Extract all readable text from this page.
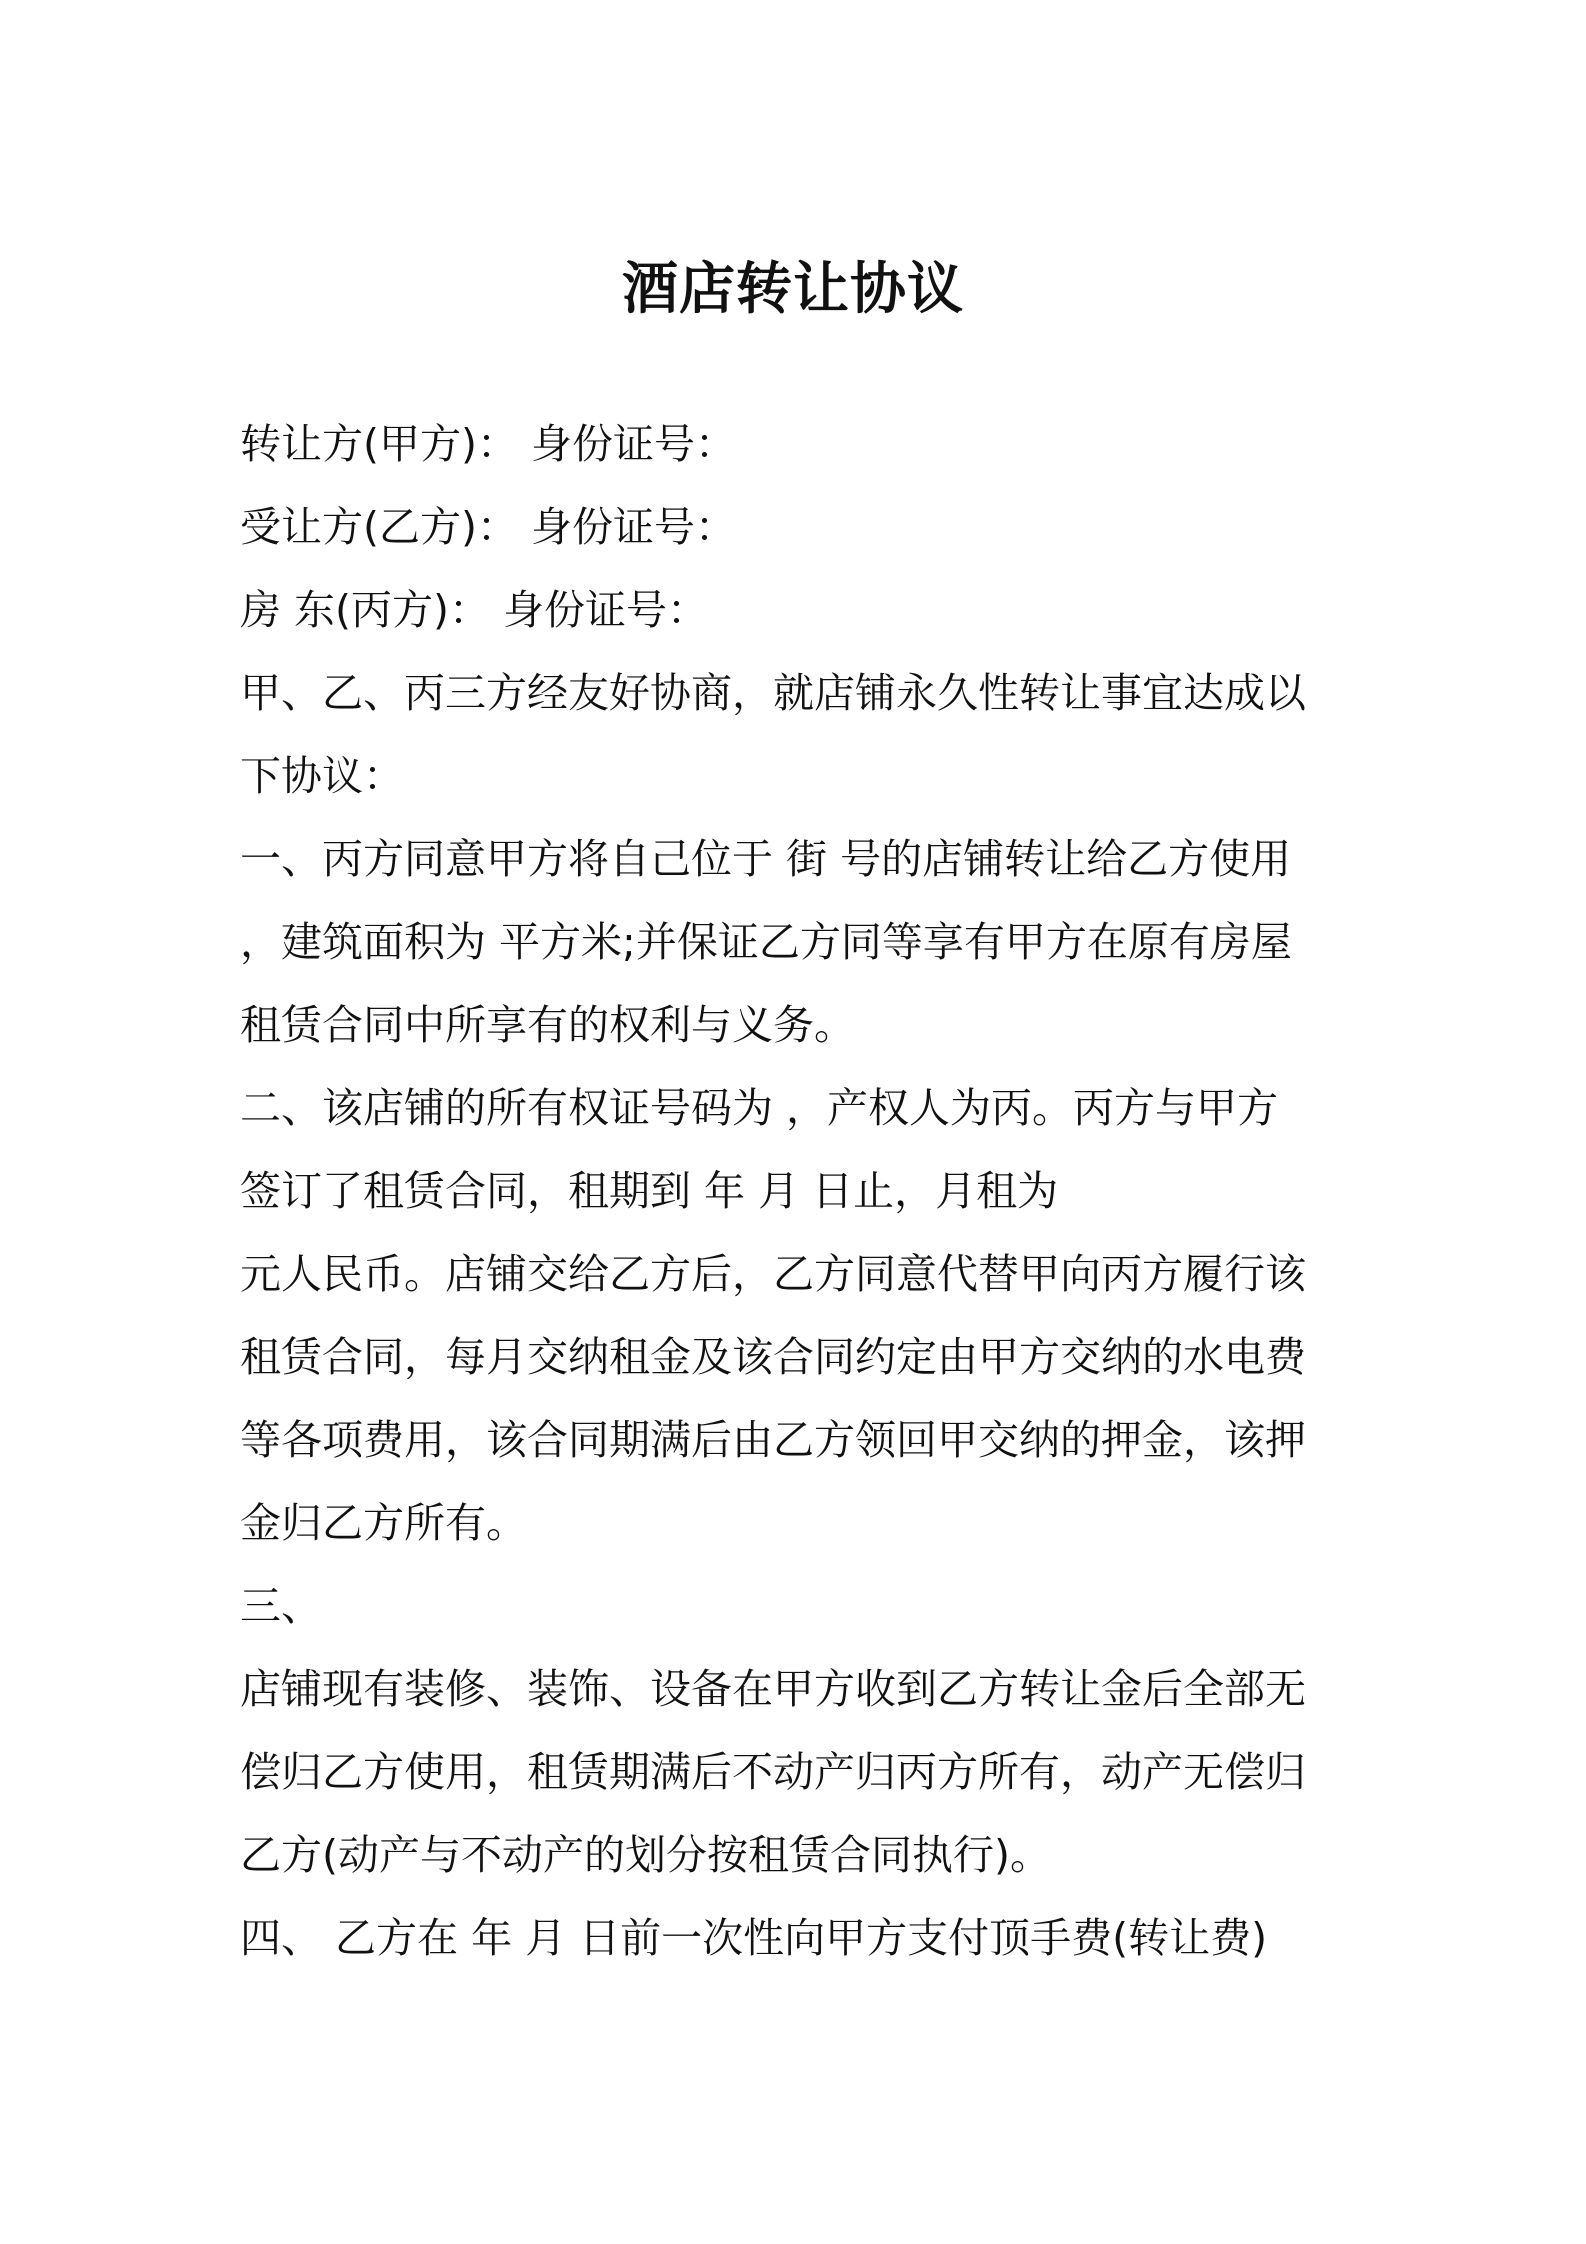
酒店转让协议
转让方(甲方)： 身份证号：
受让方(乙方)： 身份证号：
房 东(丙方)： 身份证号：
甲、乙、丙三方经友好协商，就店铺永久性转让事宜达成以
下协议：
一、丙方同意甲方将自己位于 街 号的店铺转让给乙方使用
，建筑面积为 平方米;并保证乙方同等享有甲方在原有房屋
租赁合同中所享有的权利与义务。
二、该店铺的所有权证号码为 ，产权人为丙。丙方与甲方
签订了租赁合同，租期到 年 月 日止，月租为
元人民币。店铺交给乙方后，乙方同意代替甲向丙方履行该
租赁合同，每月交纳租金及该合同约定由甲方交纳的水电费
等各项费用，该合同期满后由乙方领回甲交纳的押金，该押
金归乙方所有。
三、
店铺现有装修、装饰、设备在甲方收到乙方转让金后全部无
偿归乙方使用，租赁期满后不动产归丙方所有，动产无偿归
乙方(动产与不动产的划分按租赁合同执行)。
四、 乙方在 年 月 日前一次性向甲方支付顶手费(转让费)
